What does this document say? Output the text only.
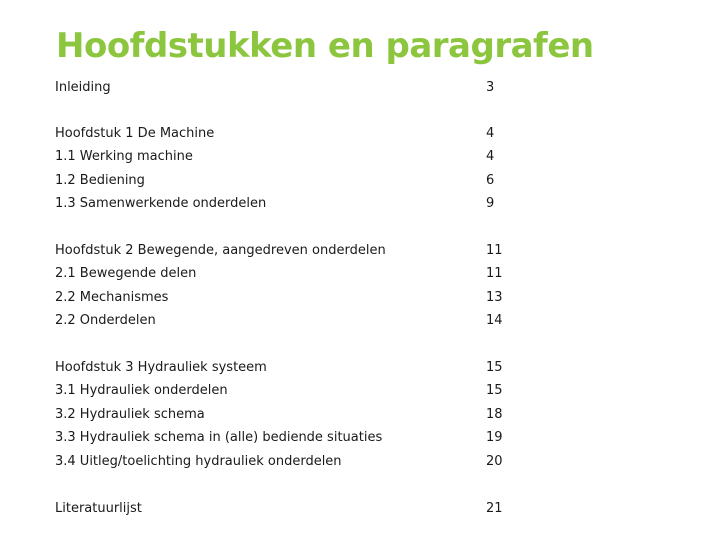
Hoofdstukken en paragrafen
Inleiding	3
Hoofdstuk 1 De Machine	4
1.1 Werking machine	4
1.2 Bediening	6
1.3 Samenwerkende onderdelen	9
Hoofdstuk 2 Bewegende, aangedreven onderdelen	11
2.1 Bewegende delen	11
2.2 Mechanismes	13
2.2 Onderdelen	14
Hoofdstuk 3 Hydrauliek systeem	15
3.1 Hydrauliek onderdelen	15
3.2 Hydrauliek schema	18
3.3 Hydrauliek schema in (alle) bediende situaties	19
3.4 Uitleg/toelichting hydrauliek onderdelen	20
Literatuurlijst	21
